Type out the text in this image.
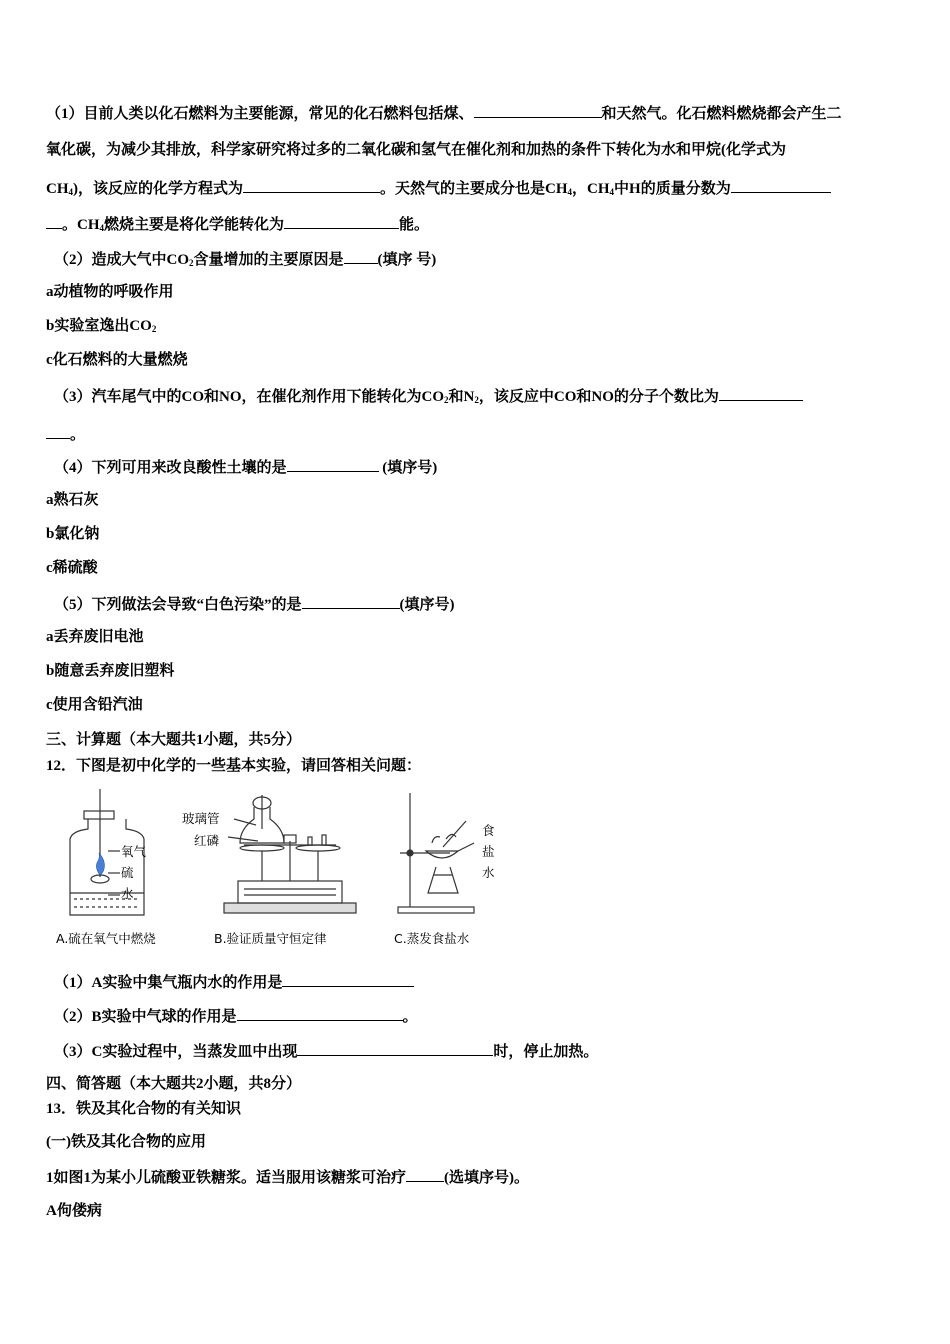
（1）目前人类以化石燃料为主要能源，常见的化石燃料包括煤、	和天然气。化石燃料燃烧都会产生二
氧化碳，为减少其排放，科学家研究将过多的二氧化碳和氢气在催化剂和加热的条件下转化为水和甲烷(化学式为
$CH_4$)，该反应的化学方程式为	。天然气的主要成分也是$CH_4$，$CH_4$中H的质量分数为
。$CH_4$燃烧主要是将化学能转化为	能。
（2）造成大气中$CO_2$含量增加的主要原因是 (填序 号)
a动植物的呼吸作用
b实验室逸出$CO_2$
c化石燃料的大量燃烧
（3）汽车尾气中的CO和NO，在催化剂作用下能转化为$CO_2$和$N_2$，该反应中CO和NO的分子个数比为
。
（4）下列可用来改良酸性土壤的是	(填序号)
a熟石灰
b氯化钠
c稀硫酸
（5）下列做法会导致“白色污染”的是	(填序号)
a丢弃废旧电池
b随意丢弃废旧塑料
c使用含铅汽油
三、计算题（本大题共1小题，共5分）
12．下图是初中化学的一些基本实验，请回答相关问题：
氧气
硫
水
玻璃管
红磷
食
盐
水
A.硫在氧气中燃烧	B.验证质量守恒定律	C.蒸发食盐水
（1）A实验中集气瓶内水的作用是
（2）B实验中气球的作用是	。
（3）C实验过程中，当蒸发皿中出现	时，停止加热。
四、简答题（本大题共2小题，共8分）
13．铁及其化合物的有关知识
(一)铁及其化合物的应用
1如图1为某小儿硫酸亚铁糖浆。适当服用该糖浆可治疗	(选填序号)。
A佝偻病
